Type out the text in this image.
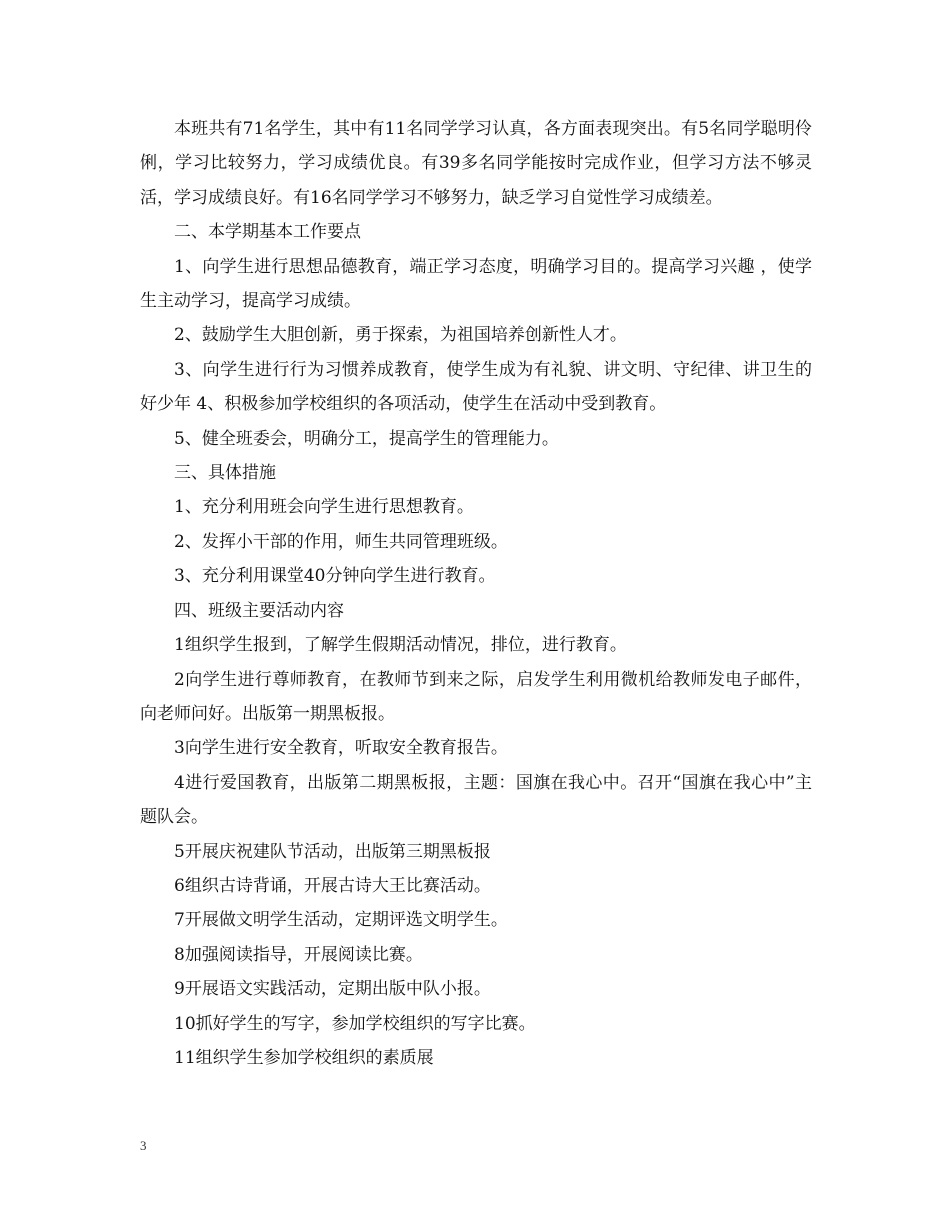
本班共有71名学生，其中有11名同学学习认真，各方面表现突出。有5名同学聪明伶俐，学习比较努力，学习成绩优良。有39多名同学能按时完成作业，但学习方法不够灵活，学习成绩良好。有16名同学学习不够努力，缺乏学习自觉性学习成绩差。

二、本学期基本工作要点

1、向学生进行思想品德教育，端正学习态度，明确学习目的。提高学习兴趣 ，使学生主动学习，提高学习成绩。

2、鼓励学生大胆创新，勇于探索，为祖国培养创新性人才。

3、向学生进行行为习惯养成教育，使学生成为有礼貌、讲文明、守纪律、讲卫生的好少年 4、积极参加学校组织的各项活动，使学生在活动中受到教育。

5、健全班委会，明确分工，提高学生的管理能力。

三、具体措施

1、充分利用班会向学生进行思想教育。

2、发挥小干部的作用，师生共同管理班级。

3、充分利用课堂40分钟向学生进行教育。

四、班级主要活动内容

1组织学生报到，了解学生假期活动情况，排位，进行教育。

2向学生进行尊师教育，在教师节到来之际，启发学生利用微机给教师发电子邮件，向老师问好。出版第一期黑板报。

3向学生进行安全教育，听取安全教育报告。

4进行爱国教育，出版第二期黑板报，主题：国旗在我心中。召开“国旗在我心中”主题队会。

5开展庆祝建队节活动，出版第三期黑板报

6组织古诗背诵，开展古诗大王比赛活动。

7开展做文明学生活动，定期评选文明学生。

8加强阅读指导，开展阅读比赛。

9开展语文实践活动，定期出版中队小报。

10抓好学生的写字，参加学校组织的写字比赛。

11组织学生参加学校组织的素质展

3
